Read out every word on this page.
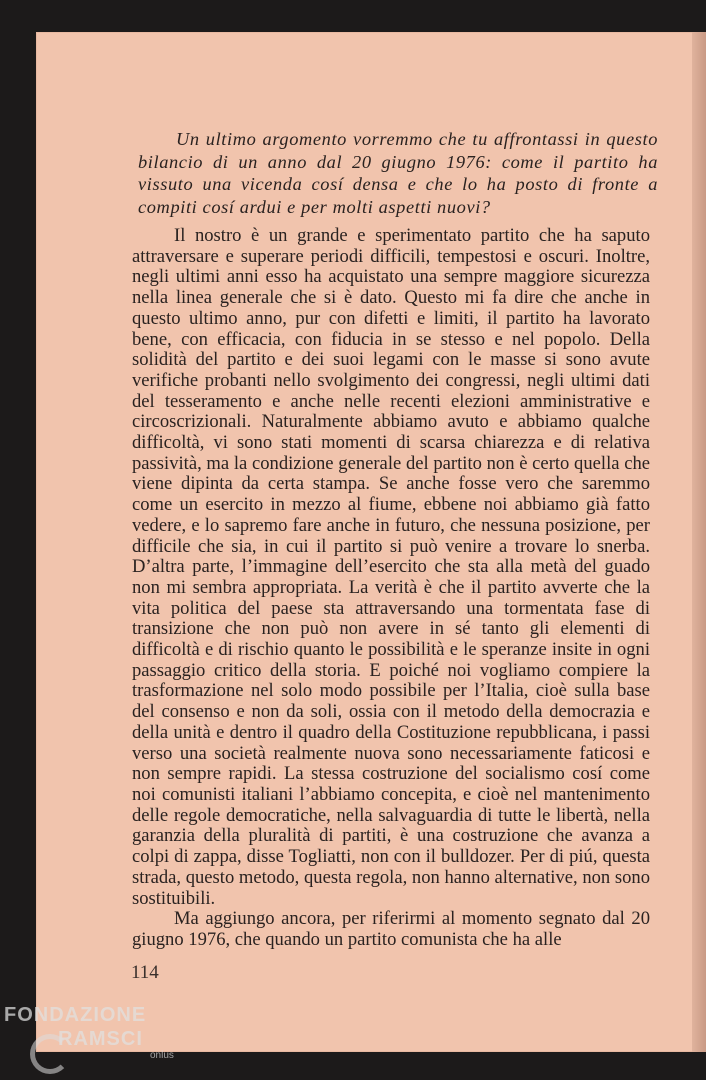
Un ultimo argomento vorremmo che tu affrontassi in questo bilancio di un anno dal 20 giugno 1976: come il partito ha vissuto una vicenda cosí densa e che lo ha posto di fronte a compiti cosí ardui e per molti aspetti nuovi?

Il nostro è un grande e sperimentato partito che ha saputo attraversare e superare periodi difficili, tempestosi e oscuri. Inoltre, negli ultimi anni esso ha acquistato una sempre maggiore sicurezza nella linea generale che si è dato. Questo mi fa dire che anche in questo ultimo anno, pur con difetti e limiti, il partito ha lavorato bene, con efficacia, con fiducia in se stesso e nel popolo. Della solidità del partito e dei suoi legami con le masse si sono avute verifiche probanti nello svolgimento dei congressi, negli ultimi dati del tesseramento e anche nelle recenti elezioni amministrative e circoscrizionali. Naturalmente abbiamo avuto e abbiamo qualche difficoltà, vi sono stati momenti di scarsa chiarezza e di relativa passività, ma la condizione generale del partito non è certo quella che viene dipinta da certa stampa. Se anche fosse vero che saremmo come un esercito in mezzo al fiume, ebbene noi abbiamo già fatto vedere, e lo sapremo fare anche in futuro, che nessuna posizione, per difficile che sia, in cui il partito si può venire a trovare lo snerba. D’altra parte, l’immagine dell’esercito che sta alla metà del guado non mi sembra appropriata. La verità è che il partito avverte che la vita politica del paese sta attraversando una tormentata fase di transizione che non può non avere in sé tanto gli elementi di difficoltà e di rischio quanto le possibilità e le speranze insite in ogni passaggio critico della storia. E poiché noi vogliamo compiere la trasformazione nel solo modo possibile per l’Italia, cioè sulla base del consenso e non da soli, ossia con il metodo della democrazia e della unità e dentro il quadro della Costituzione repubblicana, i passi verso una società realmente nuova sono necessariamente faticosi e non sempre rapidi. La stessa costruzione del socialismo cosí come noi comunisti italiani l’abbiamo concepita, e cioè nel mantenimento delle regole democratiche, nella salvaguardia di tutte le libertà, nella garanzia della pluralità di partiti, è una costruzione che avanza a colpi di zappa, disse Togliatti, non con il bulldozer. Per di piú, questa strada, questo metodo, questa regola, non hanno alternative, non sono sostituibili.
Ma aggiungo ancora, per riferirmi al momento segnato dal 20 giugno 1976, che quando un partito comunista che ha alle

114

FONDAZIONE
RAMSCI
onlus
